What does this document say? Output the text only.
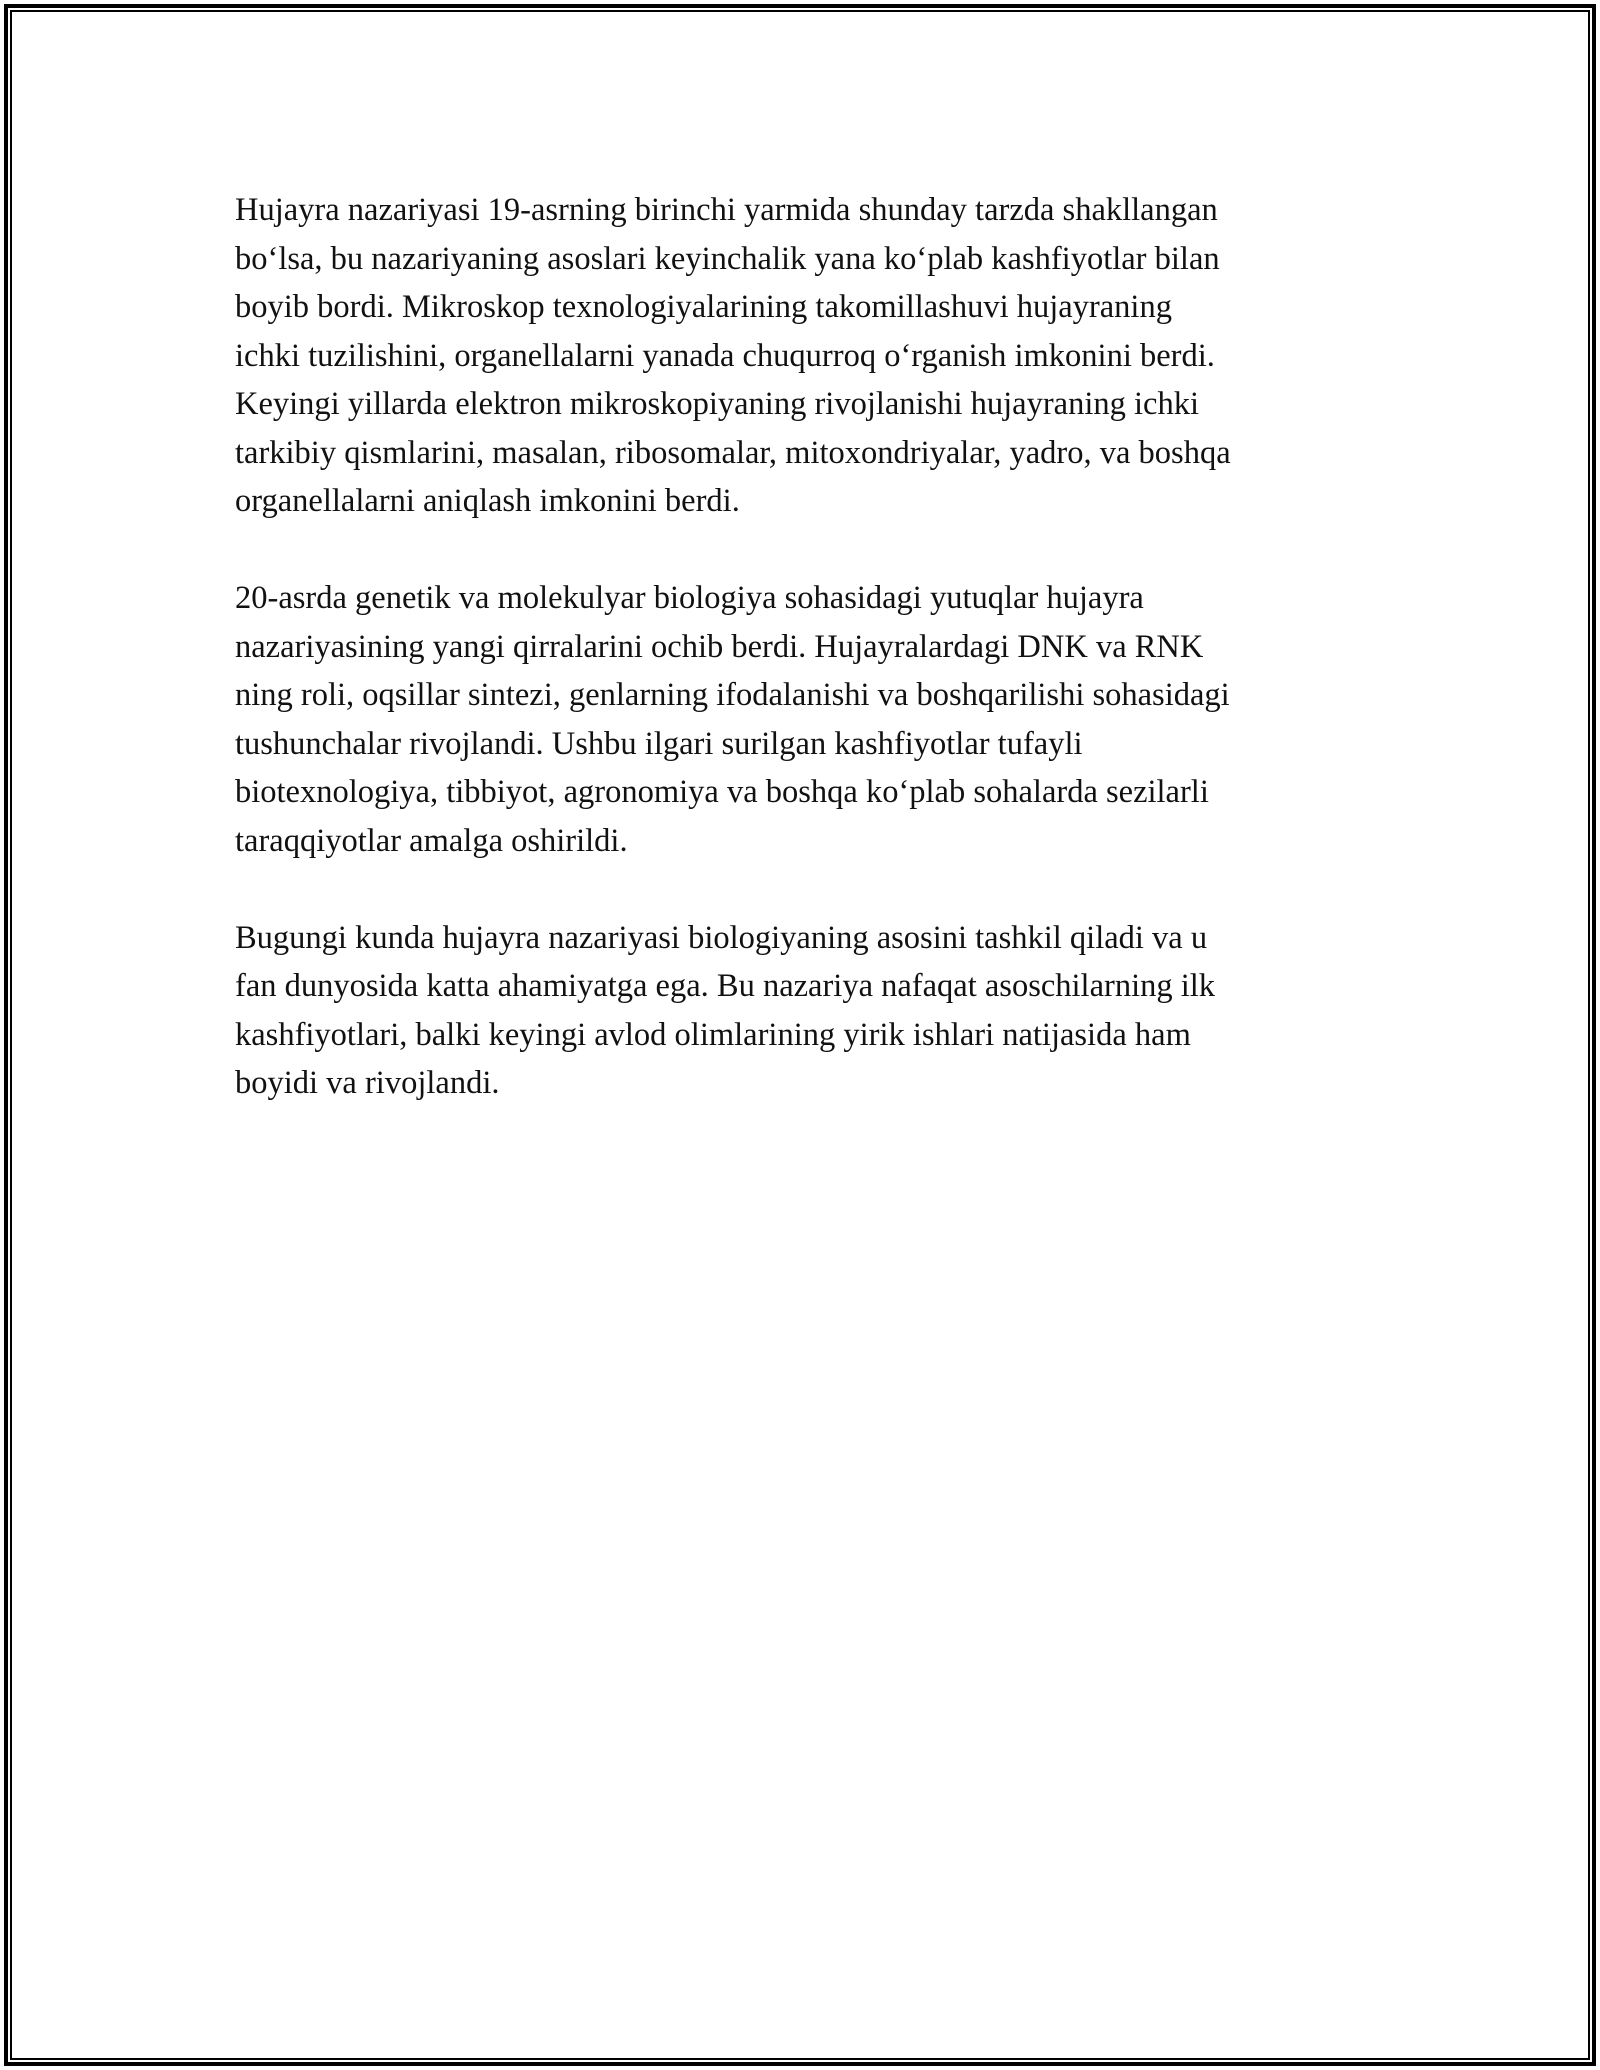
Hujayra nazariyasi 19-asrning birinchi yarmida shunday tarzda shakllangan
bo‘lsa, bu nazariyaning asoslari keyinchalik yana ko‘plab kashfiyotlar bilan
boyib bordi. Mikroskop texnologiyalarining takomillashuvi hujayraning
ichki tuzilishini, organellalarni yanada chuqurroq o‘rganish imkonini berdi.
Keyingi yillarda elektron mikroskopiyaning rivojlanishi hujayraning ichki
tarkibiy qismlarini, masalan, ribosomalar, mitoxondriyalar, yadro, va boshqa
organellalarni aniqlash imkonini berdi.

20-asrda genetik va molekulyar biologiya sohasidagi yutuqlar hujayra
nazariyasining yangi qirralarini ochib berdi. Hujayralardagi DNK va RNK
ning roli, oqsillar sintezi, genlarning ifodalanishi va boshqarilishi sohasidagi
tushunchalar rivojlandi. Ushbu ilgari surilgan kashfiyotlar tufayli
biotexnologiya, tibbiyot, agronomiya va boshqa ko‘plab sohalarda sezilarli
taraqqiyotlar amalga oshirildi.

Bugungi kunda hujayra nazariyasi biologiyaning asosini tashkil qiladi va u
fan dunyosida katta ahamiyatga ega. Bu nazariya nafaqat asoschilarning ilk
kashfiyotlari, balki keyingi avlod olimlarining yirik ishlari natijasida ham
boyidi va rivojlandi.
